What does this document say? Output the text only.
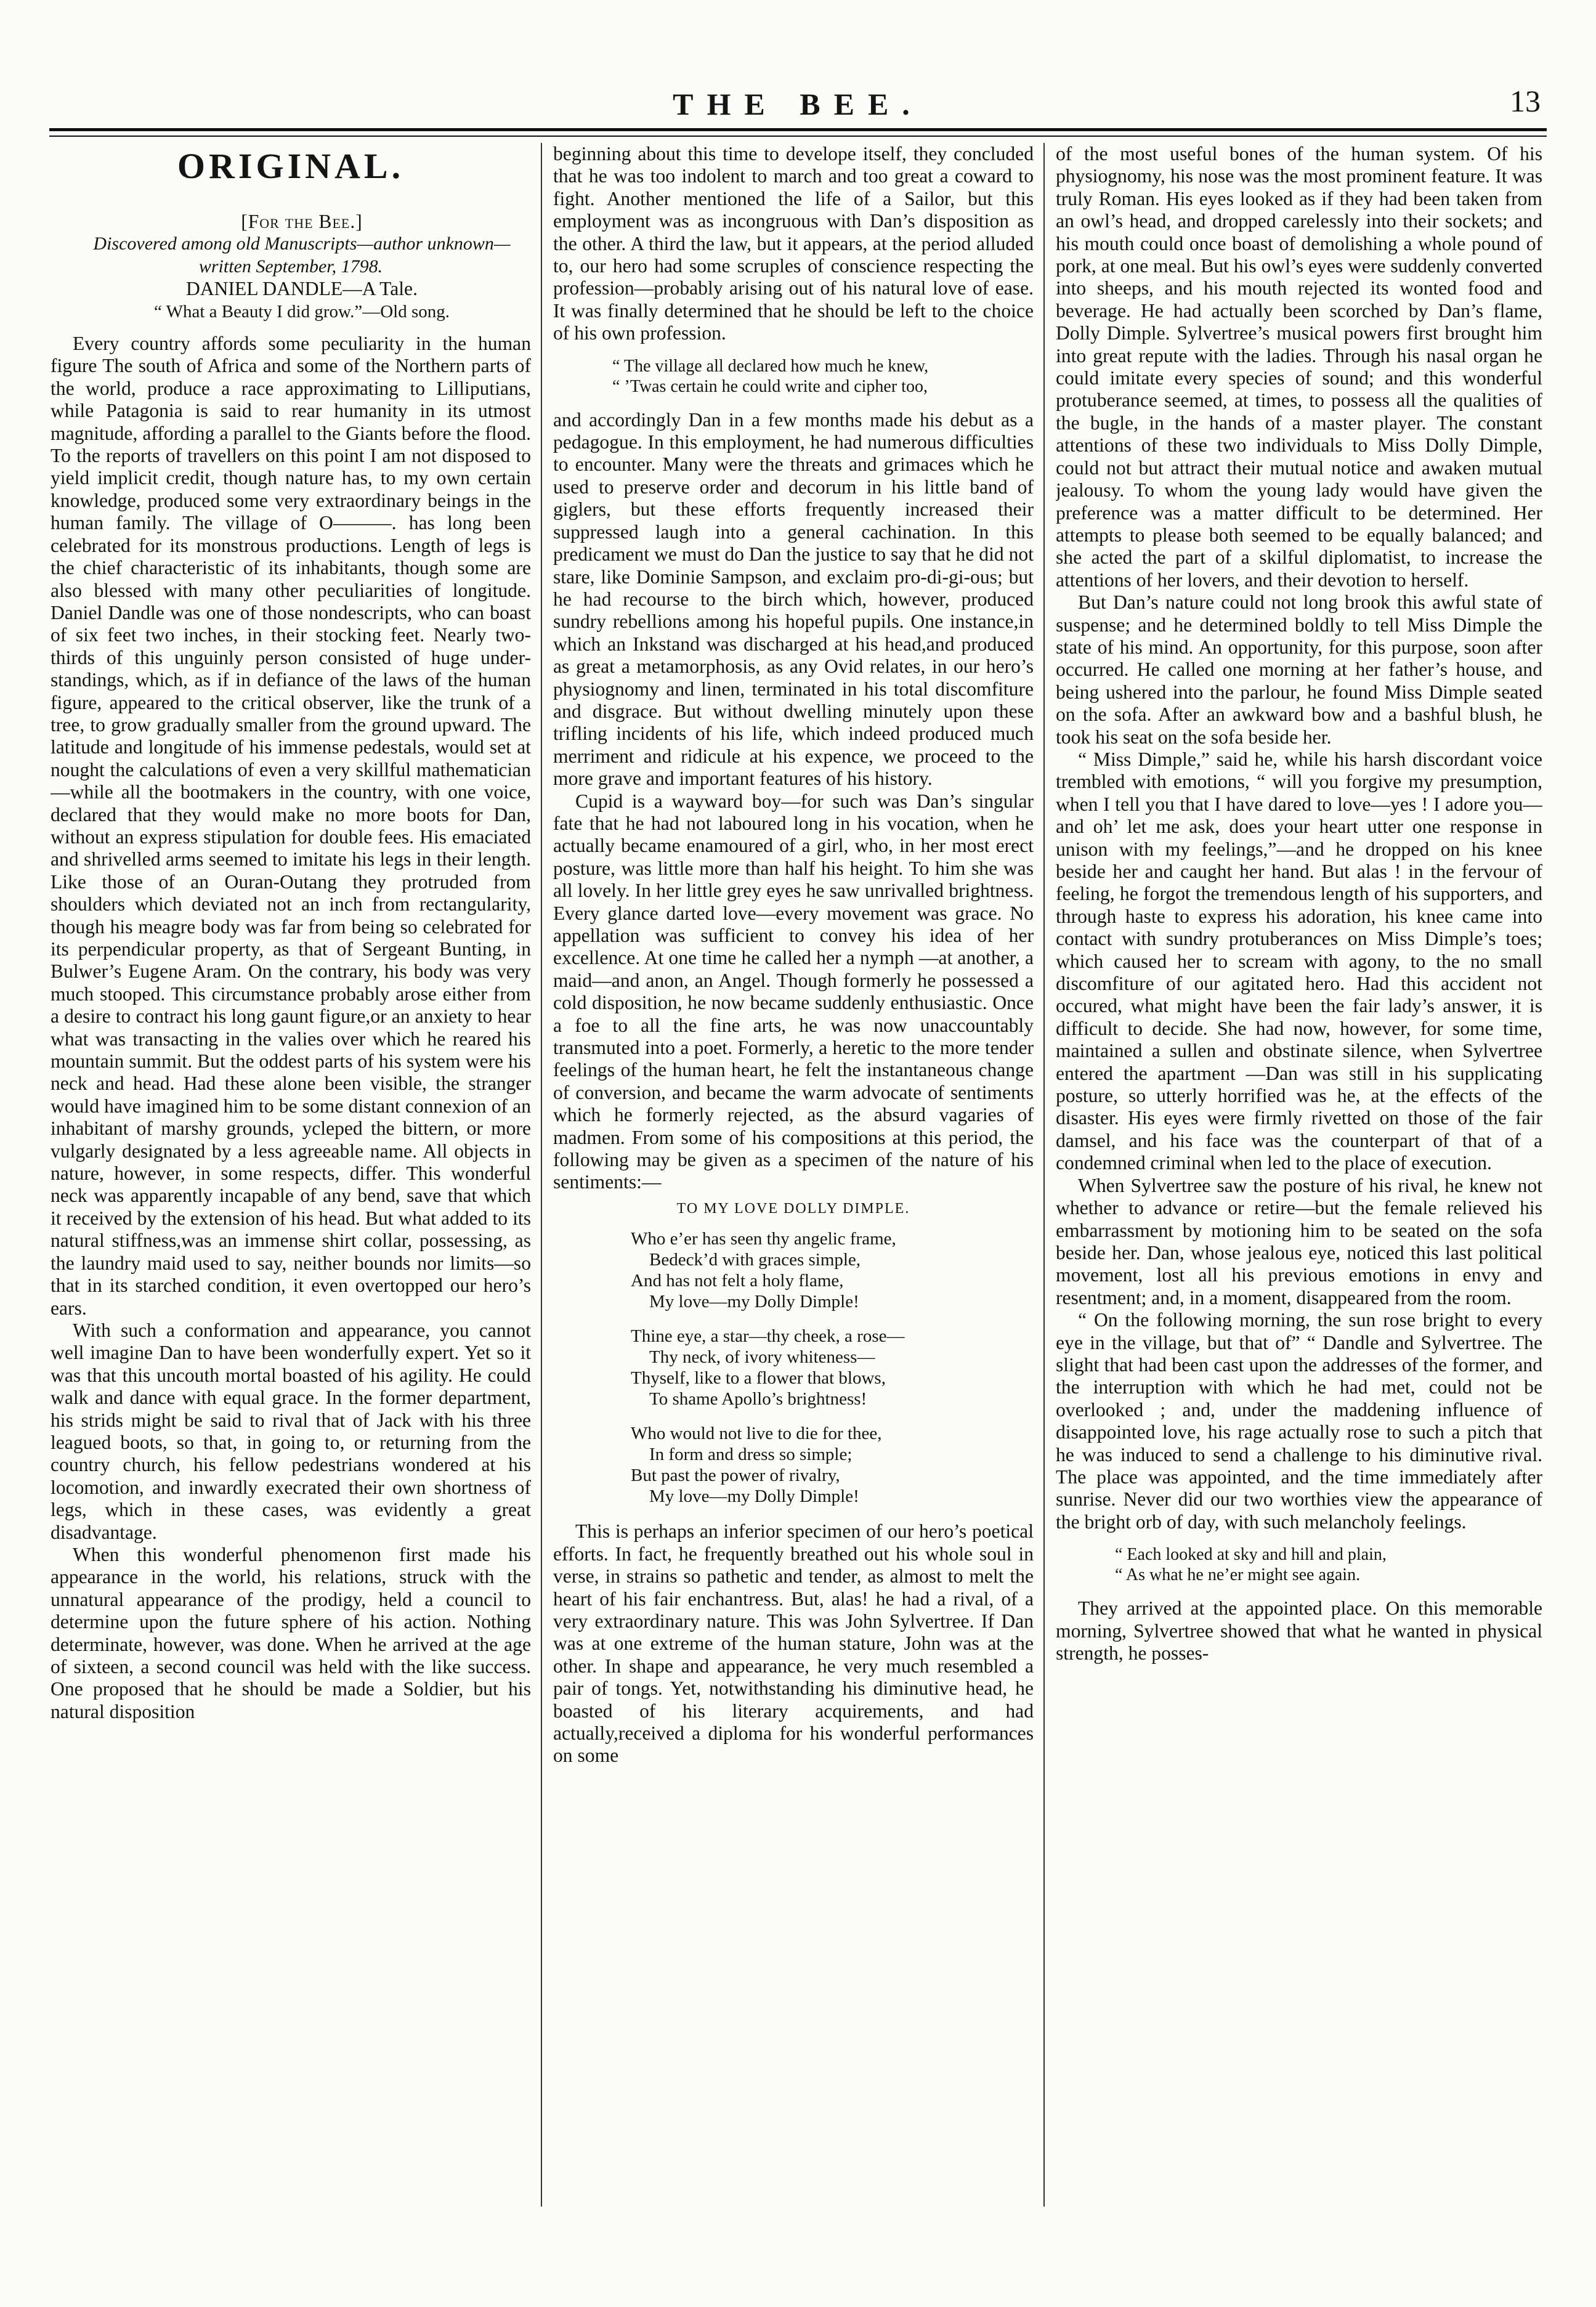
THE BEE.	13
ORIGINAL.

[For the Bee.]

Discovered among old Manuscripts—author unknown—written September, 1798.

DANIEL DANDLE—A Tale.

“ What a Beauty I did grow.”—Old song.

Every country affords some peculiarity in the human figure The south of Africa and some of the Northern parts of the world, produce a race approximating to Lilliputians, while Patagonia is said to rear humanity in its utmost magnitude, affording a parallel to the Giants before the flood. To the reports of travellers on this point I am not disposed to yield implicit credit, though nature has, to my own certain knowledge, produced some very extraordinary beings in the human family. The village of O———. has long been celebrated for its monstrous productions. Length of legs is the chief characteristic of its inhabitants, though some are also blessed with many other peculiarities of longitude. Daniel Dandle was one of those nondescripts, who can boast of six feet two inches, in their stocking feet. Nearly two-thirds of this unguinly person consisted of huge under-standings, which, as if in defiance of the laws of the human figure, appeared to the critical observer, like the trunk of a tree, to grow gradually smaller from the ground upward. The latitude and longitude of his immense pedestals, would set at nought the calculations of even a very skillful mathematician—while all the bootmakers in the country, with one voice, declared that they would make no more boots for Dan, without an express stipulation for double fees. His emaciated and shrivelled arms seemed to imitate his legs in their length. Like those of an Ouran-Outang they protruded from shoulders which deviated not an inch from rectangularity, though his meagre body was far from being so celebrated for its perpendicular property, as that of Sergeant Bunting, in Bulwer’s Eugene Aram. On the contrary, his body was very much stooped. This circumstance probably arose either from a desire to contract his long gaunt figure,or an anxiety to hear what was transacting in the valies over which he reared his mountain summit. But the oddest parts of his system were his neck and head. Had these alone been visible, the stranger would have imagined him to be some distant connexion of an inhabitant of marshy grounds, ycleped the bittern, or more vulgarly designated by a less agreeable name. All objects in nature, however, in some respects, differ. This wonderful neck was apparently incapable of any bend, save that which it received by the extension of his head. But what added to its natural stiffness,was an immense shirt collar, possessing, as the laundry maid used to say, neither bounds nor limits—so that in its starched condition, it even overtopped our hero’s ears.

With such a conformation and appearance, you cannot well imagine Dan to have been wonderfully expert. Yet so it was that this uncouth mortal boasted of his agility. He could walk and dance with equal grace. In the former department, his strids might be said to rival that of Jack with his three leagued boots, so that, in going to, or returning from the country church, his fellow pedestrians wondered at his locomotion, and inwardly execrated their own shortness of legs, which in these cases, was evidently a great disadvantage.

When this wonderful phenomenon first made his appearance in the world, his relations, struck with the unnatural appearance of the prodigy, held a council to determine upon the future sphere of his action. Nothing determinate, however, was done. When he arrived at the age of sixteen, a second council was held with the like success. One proposed that he should be made a Soldier, but his natural disposition

beginning about this time to develope itself, they concluded that he was too indolent to march and too great a coward to fight. Another mentioned the life of a Sailor, but this employment was as incongruous with Dan’s disposition as the other. A third the law, but it appears, at the period alluded to, our hero had some scruples of conscience respecting the profession—probably arising out of his natural love of ease. It was finally determined that he should be left to the choice of his own profession.

“ The village all declared how much he knew,

“ ’Twas certain he could write and cipher too,

and accordingly Dan in a few months made his debut as a pedagogue. In this employment, he had numerous difficulties to encounter. Many were the threats and grimaces which he used to preserve order and decorum in his little band of giglers, but these efforts frequently increased their suppressed laugh into a general cachination. In this predicament we must do Dan the justice to say that he did not stare, like Dominie Sampson, and exclaim pro-di-gi-ous; but he had recourse to the birch which, however, produced sundry rebellions among his hopeful pupils. One instance,in which an Inkstand was discharged at his head,and produced as great a metamorphosis, as any Ovid relates, in our hero’s physiognomy and linen, terminated in his total discomfiture and disgrace. But without dwelling minutely upon these trifling incidents of his life, which indeed produced much merriment and ridicule at his expence, we proceed to the more grave and important features of his history.

Cupid is a wayward boy—for such was Dan’s singular fate that he had not laboured long in his vocation, when he actually became enamoured of a girl, who, in her most erect posture, was little more than half his height. To him she was all lovely. In her little grey eyes he saw unrivalled brightness. Every glance darted love—every movement was grace. No appellation was sufficient to convey his idea of her excellence. At one time he called her a nymph —at another, a maid—and anon, an Angel. Though formerly he possessed a cold disposition, he now became suddenly enthusiastic. Once a foe to all the fine arts, he was now unaccountably transmuted into a poet. Formerly, a heretic to the more tender feelings of the human heart, he felt the instantaneous change of conversion, and became the warm advocate of sentiments which he formerly rejected, as the absurd vagaries of madmen. From some of his compositions at this period, the following may be given as a specimen of the nature of his sentiments:—

TO MY LOVE DOLLY DIMPLE.

Who e’er has seen thy angelic frame,

Bedeck’d with graces simple,

And has not felt a holy flame,

My love—my Dolly Dimple!

Thine eye, a star—thy cheek, a rose—

Thy neck, of ivory whiteness—

Thyself, like to a flower that blows,

To shame Apollo’s brightness!

Who would not live to die for thee,

In form and dress so simple;

But past the power of rivalry,

My love—my Dolly Dimple!

This is perhaps an inferior specimen of our hero’s poetical efforts. In fact, he frequently breathed out his whole soul in verse, in strains so pathetic and tender, as almost to melt the heart of his fair enchantress. But, alas! he had a rival, of a very extraordinary nature. This was John Sylvertree. If Dan was at one extreme of the human stature, John was at the other. In shape and appearance, he very much resembled a pair of tongs. Yet, notwithstanding his diminutive head, he boasted of his literary acquirements, and had actually,received a diploma for his wonderful performances on some

of the most useful bones of the human system. Of his physiognomy, his nose was the most prominent feature. It was truly Roman. His eyes looked as if they had been taken from an owl’s head, and dropped carelessly into their sockets; and his mouth could once boast of demolishing a whole pound of pork, at one meal. But his owl’s eyes were suddenly converted into sheeps, and his mouth rejected its wonted food and beverage. He had actually been scorched by Dan’s flame, Dolly Dimple. Sylvertree’s musical powers first brought him into great repute with the ladies. Through his nasal organ he could imitate every species of sound; and this wonderful protuberance seemed, at times, to possess all the qualities of the bugle, in the hands of a master player. The constant attentions of these two individuals to Miss Dolly Dimple, could not but attract their mutual notice and awaken mutual jealousy. To whom the young lady would have given the preference was a matter difficult to be determined. Her attempts to please both seemed to be equally balanced; and she acted the part of a skilful diplomatist, to increase the attentions of her lovers, and their devotion to herself.

But Dan’s nature could not long brook this awful state of suspense; and he determined boldly to tell Miss Dimple the state of his mind. An opportunity, for this purpose, soon after occurred. He called one morning at her father’s house, and being ushered into the parlour, he found Miss Dimple seated on the sofa. After an awkward bow and a bashful blush, he took his seat on the sofa beside her.

“ Miss Dimple,” said he, while his harsh discordant voice trembled with emotions, “ will you forgive my presumption, when I tell you that I have dared to love—yes ! I adore you—and oh’ let me ask, does your heart utter one response in unison with my feelings,”—and he dropped on his knee beside her and caught her hand. But alas ! in the fervour of feeling, he forgot the tremendous length of his supporters, and through haste to express his adoration, his knee came into contact with sundry protuberances on Miss Dimple’s toes; which caused her to scream with agony, to the no small discomfiture of our agitated hero. Had this accident not occured, what might have been the fair lady’s answer, it is difficult to decide. She had now, however, for some time, maintained a sullen and obstinate silence, when Sylvertree entered the apartment —Dan was still in his supplicating posture, so utterly horrified was he, at the effects of the disaster. His eyes were firmly rivetted on those of the fair damsel, and his face was the counterpart of that of a condemned criminal when led to the place of execution.

When Sylvertree saw the posture of his rival, he knew not whether to advance or retire—but the female relieved his embarrassment by motioning him to be seated on the sofa beside her. Dan, whose jealous eye, noticed this last political movement, lost all his previous emotions in envy and resentment; and, in a moment, disappeared from the room.

“ On the following morning, the sun rose bright to every eye in the village, but that of” “ Dandle and Sylvertree. The slight that had been cast upon the addresses of the former, and the interruption with which he had met, could not be overlooked ; and, under the maddening influence of disappointed love, his rage actually rose to such a pitch that he was induced to send a challenge to his diminutive rival. The place was appointed, and the time immediately after sunrise. Never did our two worthies view the appearance of the bright orb of day, with such melancholy feelings.

“ Each looked at sky and hill and plain,

“ As what he ne’er might see again.

They arrived at the appointed place. On this memorable morning, Sylvertree showed that what he wanted in physical strength, he posses-
